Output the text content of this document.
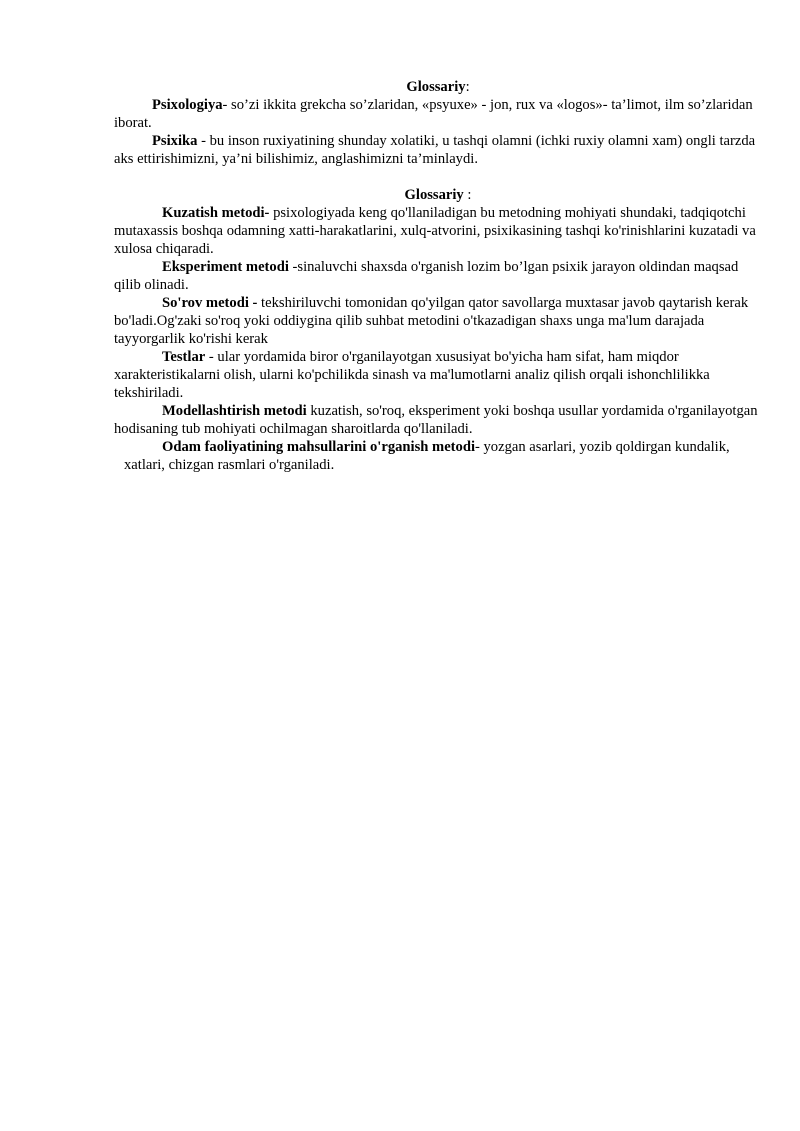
Glossariy:

Psixologiya- so’zi ikkita grekcha so’zlaridan, «psyuxe» - jon, rux va «logos»- ta’limot, ilm so’zlaridan iborat.

Psixika - bu inson ruxiyatining shunday xolatiki, u tashqi olamni (ichki ruxiy olamni xam) ongli tarzda aks ettirishimizni, ya’ni bilishimiz, anglashimizni ta’minlaydi.

Glossariy :

Kuzatish metodi- psixologiyada keng qo'llaniladigan bu metodning mohiyati shundaki, tadqiqotchi mutaxassis boshqa odamning xatti-harakatlarini, xulq-atvorini, psixikasining tashqi ko'rinishlarini kuzatadi va xulosa chiqaradi.

Eksperiment metodi -sinaluvchi shaxsda o'rganish lozim bo’lgan psixik jarayon oldindan maqsad qilib olinadi.

So'rov metodi - tekshiriluvchi tomonidan qo'yilgan qator savollarga muxtasar javob qaytarish kerak bo'ladi.Og'zaki so'roq yoki oddiygina qilib suhbat metodini o'tkazadigan shaxs unga ma'lum darajada tayyorgarlik ko'rishi kerak

Testlar - ular yordamida biror o'rganilayotgan xususiyat bo'yicha ham sifat, ham miqdor xarakteristikalarni olish, ularni ko'pchilikda sinash va ma'lumotlarni analiz qilish orqali ishonchlilikka tekshiriladi.

Modellashtirish metodi kuzatish, so'roq, eksperiment yoki boshqa usullar yordamida o'rganilayotgan hodisaning tub mohiyati ochilmagan sharoitlarda qo'llaniladi.

Odam faoliyatining mahsullarini o'rganish metodi- yozgan asarlari, yozib qoldirgan kundalik, xatlari, chizgan rasmlari o'rganiladi.
